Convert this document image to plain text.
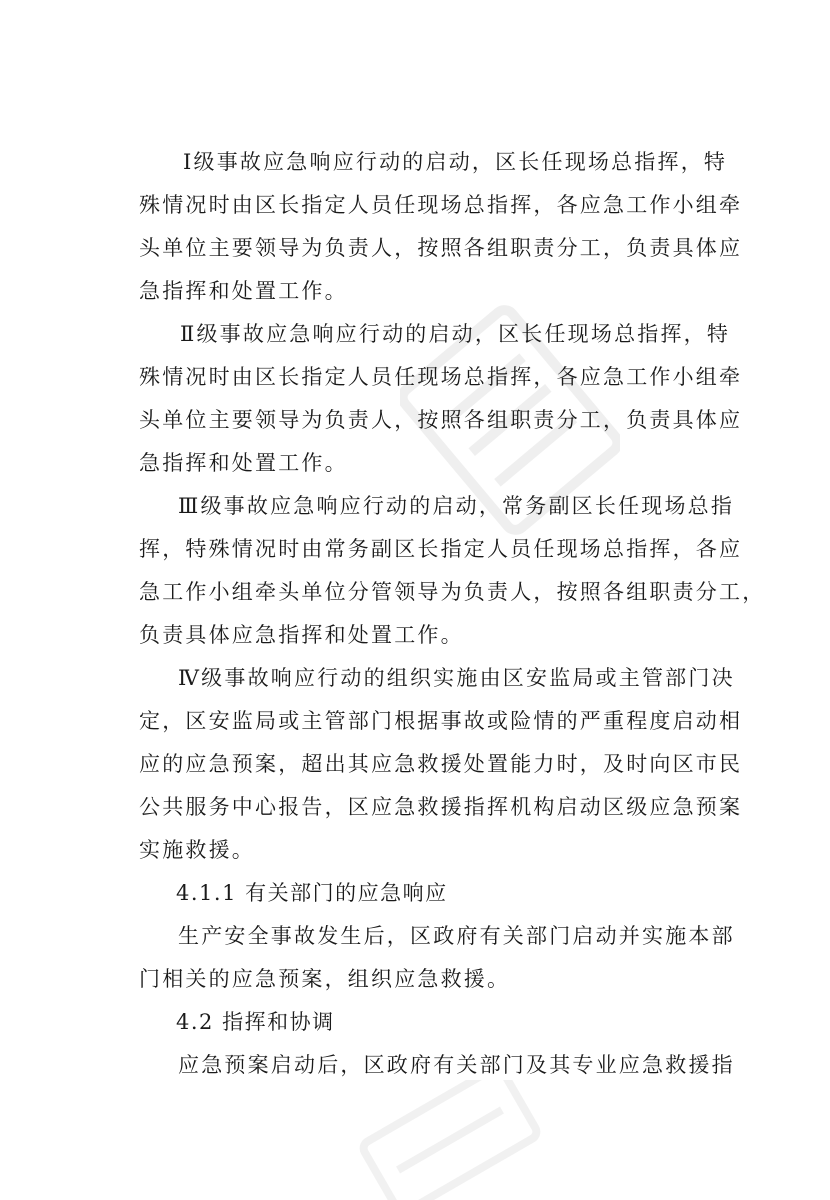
Ⅰ级事故应急响应行动的启动，区长任现场总指挥，特
殊情况时由区长指定人员任现场总指挥，各应急工作小组牵
头单位主要领导为负责人，按照各组职责分工，负责具体应
急指挥和处置工作。
Ⅱ级事故应急响应行动的启动，区长任现场总指挥，特
殊情况时由区长指定人员任现场总指挥，各应急工作小组牵
头单位主要领导为负责人，按照各组职责分工，负责具体应
急指挥和处置工作。
Ⅲ级事故应急响应行动的启动，常务副区长任现场总指
挥，特殊情况时由常务副区长指定人员任现场总指挥，各应
急工作小组牵头单位分管领导为负责人，按照各组职责分工，
负责具体应急指挥和处置工作。
Ⅳ级事故响应行动的组织实施由区安监局或主管部门决
定，区安监局或主管部门根据事故或险情的严重程度启动相
应的应急预案，超出其应急救援处置能力时，及时向区市民
公共服务中心报告，区应急救援指挥机构启动区级应急预案
实施救援。
4.1.1 有关部门的应急响应
生产安全事故发生后，区政府有关部门启动并实施本部
门相关的应急预案，组织应急救援。
4.2 指挥和协调
应急预案启动后，区政府有关部门及其专业应急救援指
